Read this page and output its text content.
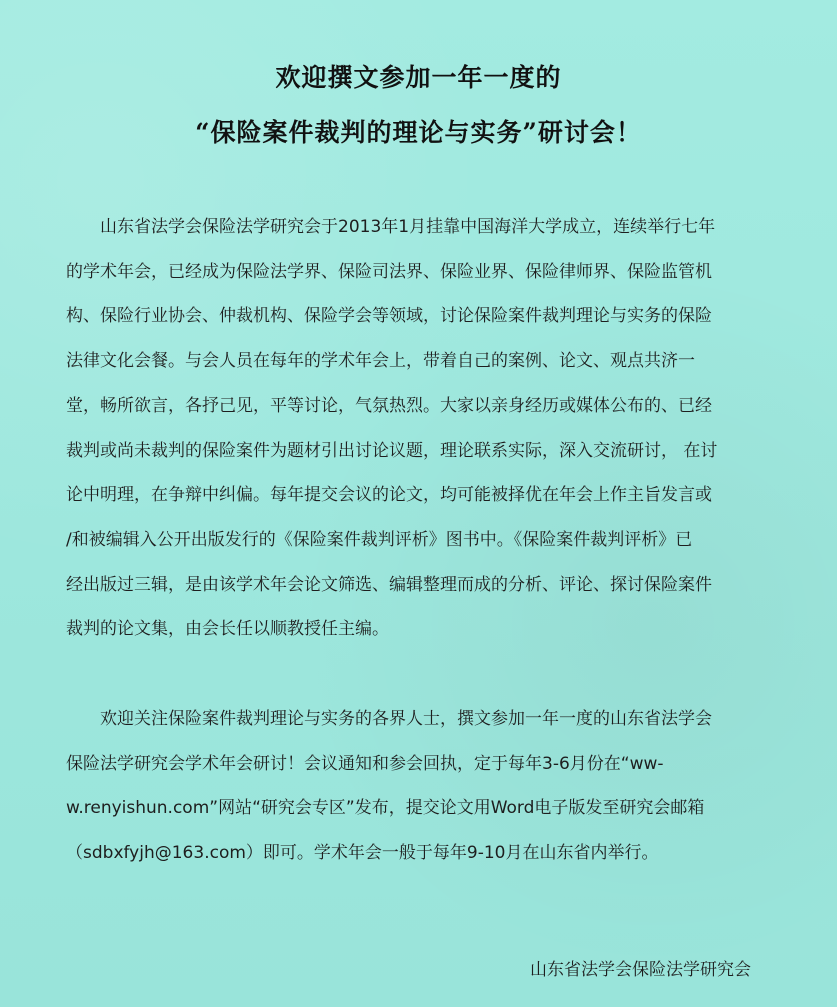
欢迎撰文参加一年一度的
“保险案件裁判的理论与实务”研讨会！
山东省法学会保险法学研究会于2013年1月挂靠中国海洋大学成立，连续举行七年
的学术年会，已经成为保险法学界、保险司法界、保险业界、保险律师界、保险监管机
构、保险行业协会、仲裁机构、保险学会等领域，讨论保险案件裁判理论与实务的保险
法律文化会餐。与会人员在每年的学术年会上，带着自己的案例、论文、观点共济一
堂，畅所欲言，各抒己见，平等讨论，气氛热烈。大家以亲身经历或媒体公布的、已经
裁判或尚未裁判的保险案件为题材引出讨论议题，理论联系实际，深入交流研讨， 在讨
论中明理，在争辩中纠偏。每年提交会议的论文，均可能被择优在年会上作主旨发言或
/和被编辑入公开出版发行的《保险案件裁判评析》图书中。《保险案件裁判评析》已
经出版过三辑，是由该学术年会论文筛选、编辑整理而成的分析、评论、探讨保险案件
裁判的论文集，由会长任以顺教授任主编。
欢迎关注保险案件裁判理论与实务的各界人士，撰文参加一年一度的山东省法学会
保险法学研究会学术年会研讨！会议通知和参会回执，定于每年3-6月份在“ww-
w.renyishun.com”网站“研究会专区”发布，提交论文用Word电子版发至研究会邮箱
（sdbxfyjh@163.com）即可。学术年会一般于每年9-10月在山东省内举行。
山东省法学会保险法学研究会
